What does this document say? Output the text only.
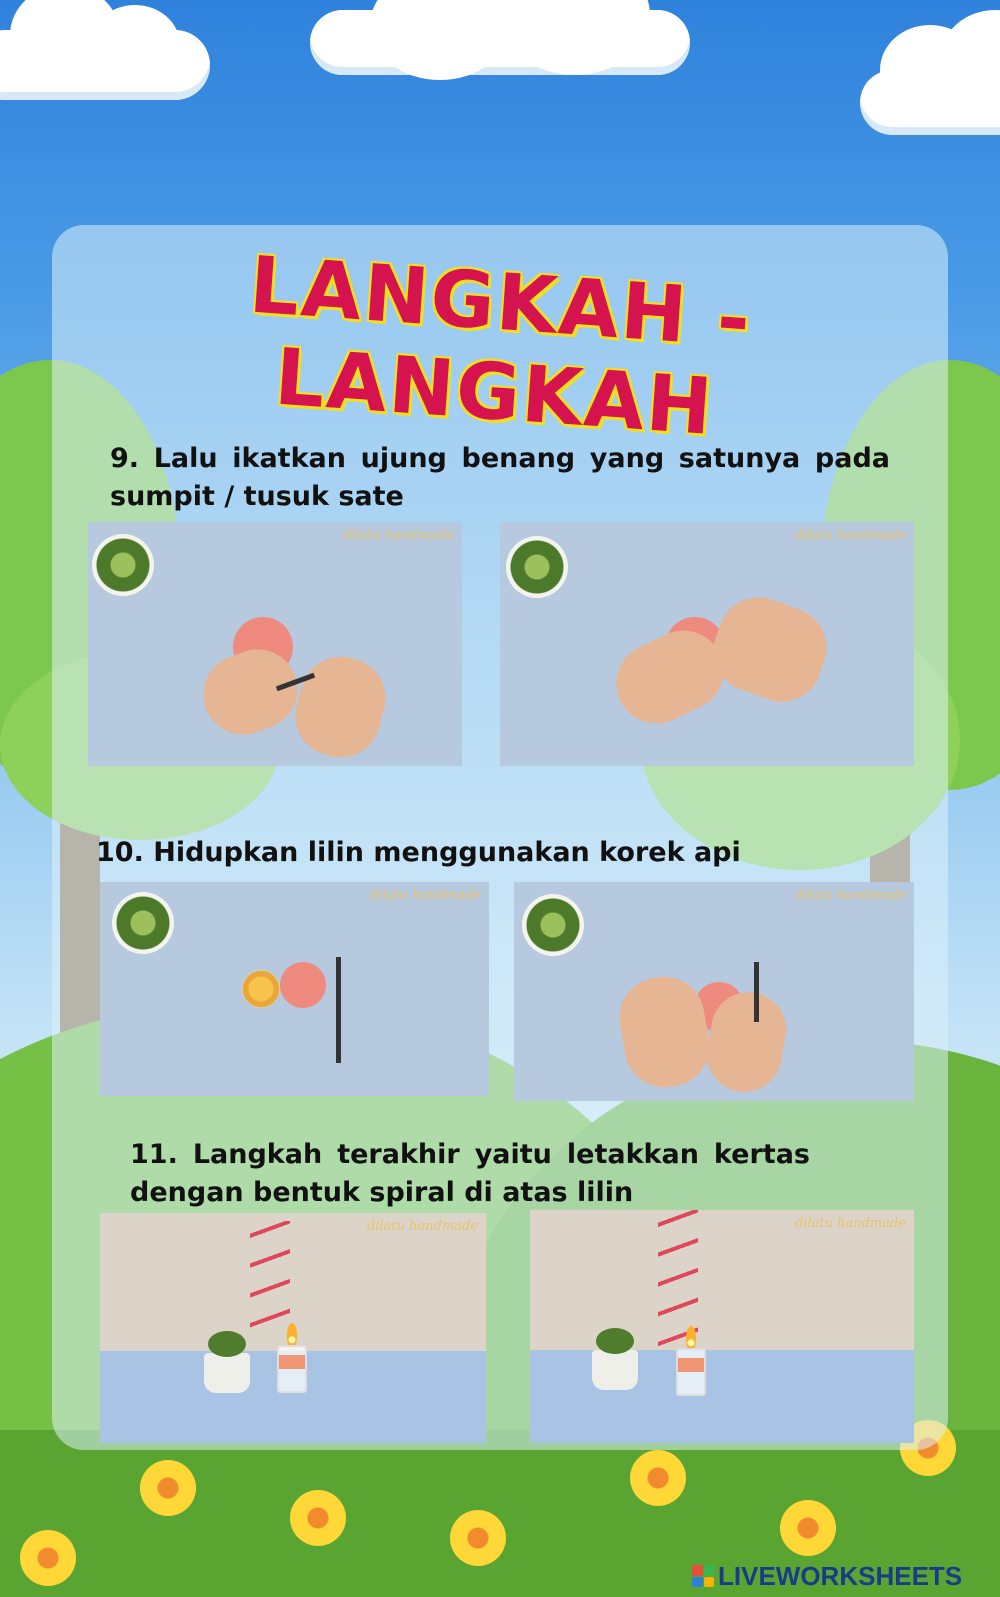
LANGKAH - LANGKAH

9. Lalu ikatkan ujung benang yang satunya pada sumpit / tusuk sate

dilatu handmade	dilatu handmade

10. Hidupkan lilin menggunakan korek api

dilatu handmade	dilatu handmade

11. Langkah terakhir yaitu letakkan kertas dengan bentuk spiral di atas lilin

dilatu handmade	dilatu handmade
LIVEWORKSHEETS
